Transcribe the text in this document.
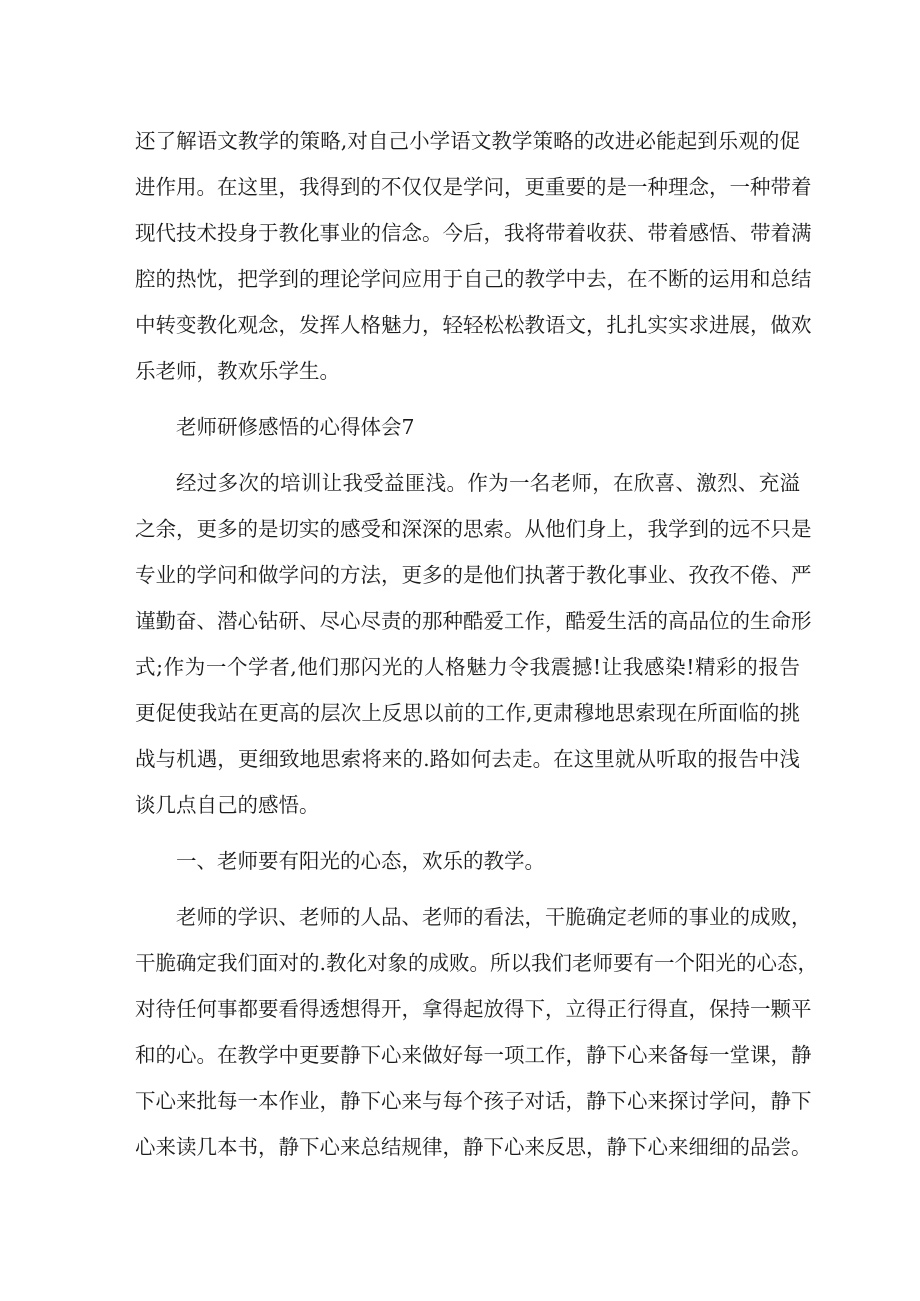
还了解语文教学的策略,对自己小学语文教学策略的改进必能起到乐观的促
进作用。在这里，我得到的不仅仅是学问，更重要的是一种理念，一种带着
现代技术投身于教化事业的信念。今后，我将带着收获、带着感悟、带着满
腔的热忱，把学到的理论学问应用于自己的教学中去，在不断的运用和总结
中转变教化观念，发挥人格魅力，轻轻松松教语文，扎扎实实求进展，做欢
乐老师，教欢乐学生。
老师研修感悟的心得体会7
经过多次的培训让我受益匪浅。作为一名老师，在欣喜、激烈、充溢
之余，更多的是切实的感受和深深的思索。从他们身上，我学到的远不只是
专业的学问和做学问的方法，更多的是他们执著于教化事业、孜孜不倦、严
谨勤奋、潜心钻研、尽心尽责的那种酷爱工作，酷爱生活的高品位的生命形
式;作为一个学者,他们那闪光的人格魅力令我震撼!让我感染!精彩的报告
更促使我站在更高的层次上反思以前的工作,更肃穆地思索现在所面临的挑
战与机遇，更细致地思索将来的.路如何去走。在这里就从听取的报告中浅
谈几点自己的感悟。
一、老师要有阳光的心态，欢乐的教学。
老师的学识、老师的人品、老师的看法，干脆确定老师的事业的成败，
干脆确定我们面对的.教化对象的成败。所以我们老师要有一个阳光的心态，
对待任何事都要看得透想得开，拿得起放得下，立得正行得直，保持一颗平
和的心。在教学中更要静下心来做好每一项工作，静下心来备每一堂课，静
下心来批每一本作业，静下心来与每个孩子对话，静下心来探讨学问，静下
心来读几本书，静下心来总结规律，静下心来反思，静下心来细细的品尝。
